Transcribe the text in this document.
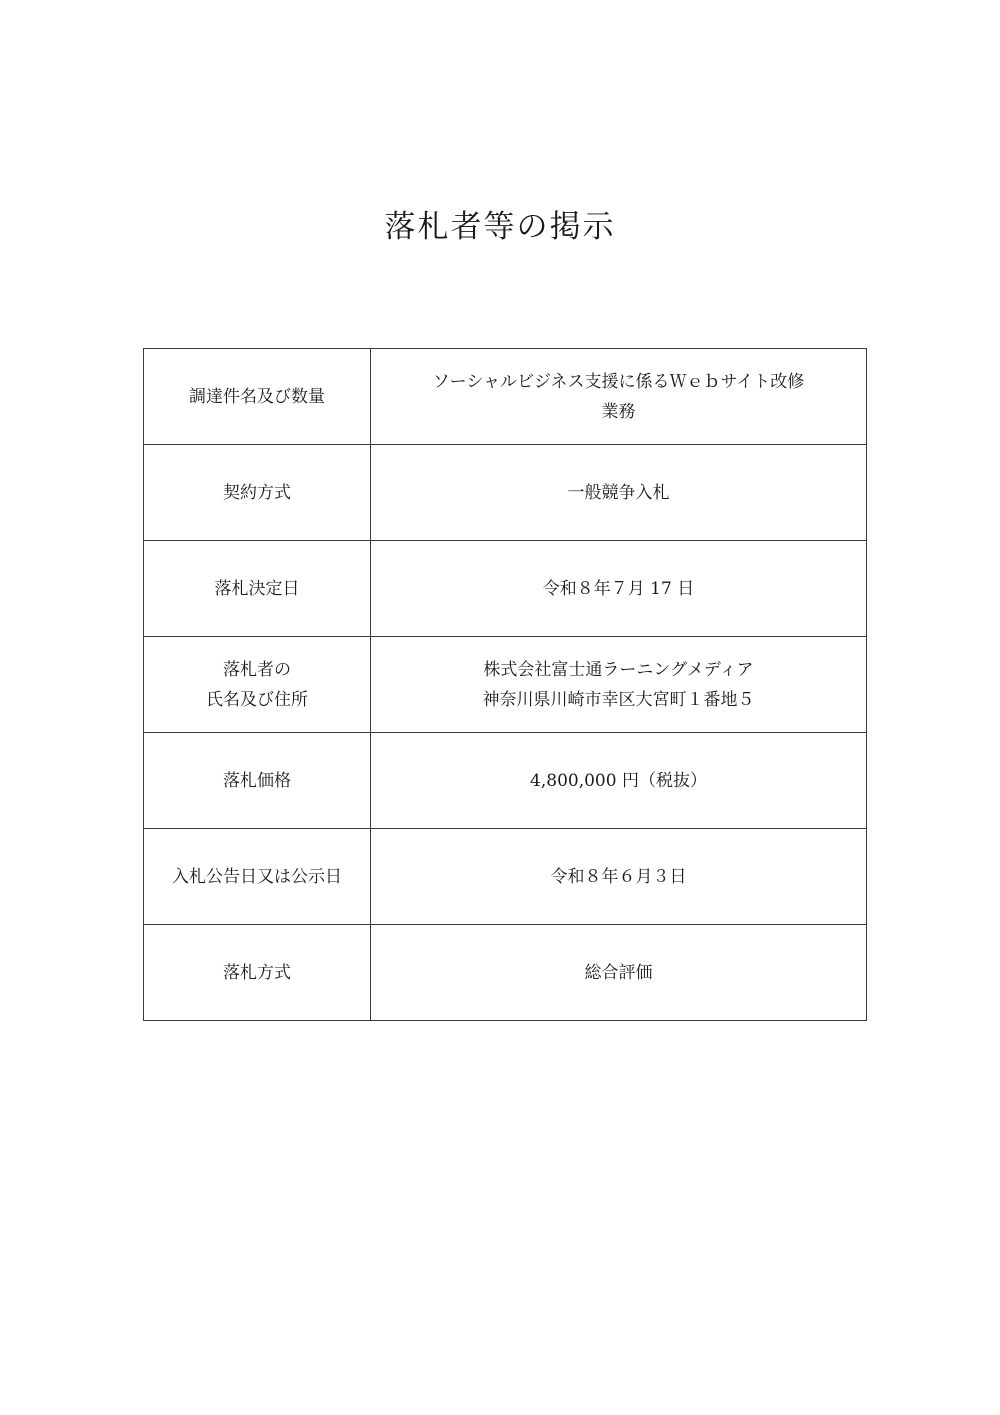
落札者等の掲示
調達件名及び数量	ソーシャルビジネス支援に係るＷｅｂサイト改修
業務

契約方式	一般競争入札

落札決定日	令和８年７月 17 日

落札者の
氏名及び住所	株式会社富士通ラーニングメディア
神奈川県川崎市幸区大宮町１番地５

落札価格	4,800,000 円（税抜）

入札公告日又は公示日	令和８年６月３日

落札方式	総合評価
